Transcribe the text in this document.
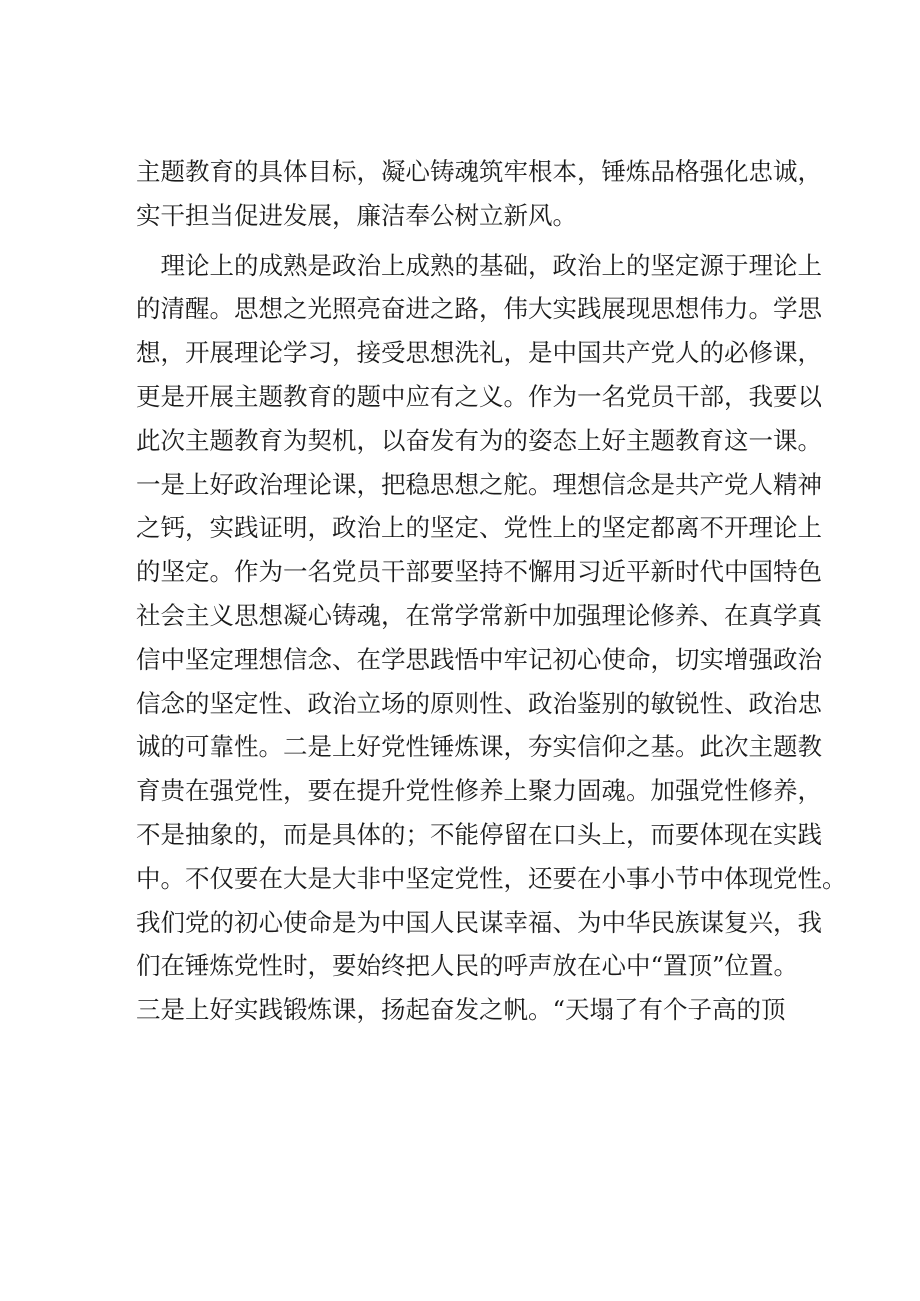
主题教育的具体目标，凝心铸魂筑牢根本，锤炼品格强化忠诚，
实干担当促进发展，廉洁奉公树立新风。
　理论上的成熟是政治上成熟的基础，政治上的坚定源于理论上
的清醒。思想之光照亮奋进之路，伟大实践展现思想伟力。学思
想，开展理论学习，接受思想洗礼，是中国共产党人的必修课，
更是开展主题教育的题中应有之义。作为一名党员干部，我要以
此次主题教育为契机，以奋发有为的姿态上好主题教育这一课。
一是上好政治理论课，把稳思想之舵。理想信念是共产党人精神
之钙，实践证明，政治上的坚定、党性上的坚定都离不开理论上
的坚定。作为一名党员干部要坚持不懈用习近平新时代中国特色
社会主义思想凝心铸魂，在常学常新中加强理论修养、在真学真
信中坚定理想信念、在学思践悟中牢记初心使命，切实增强政治
信念的坚定性、政治立场的原则性、政治鉴别的敏锐性、政治忠
诚的可靠性。二是上好党性锤炼课，夯实信仰之基。此次主题教
育贵在强党性，要在提升党性修养上聚力固魂。加强党性修养，
不是抽象的，而是具体的；不能停留在口头上，而要体现在实践
中。不仅要在大是大非中坚定党性，还要在小事小节中体现党性。
我们党的初心使命是为中国人民谋幸福、为中华民族谋复兴，我
们在锤炼党性时，要始终把人民的呼声放在心中“置顶”位置。
三是上好实践锻炼课，扬起奋发之帆。“天塌了有个子高的顶
